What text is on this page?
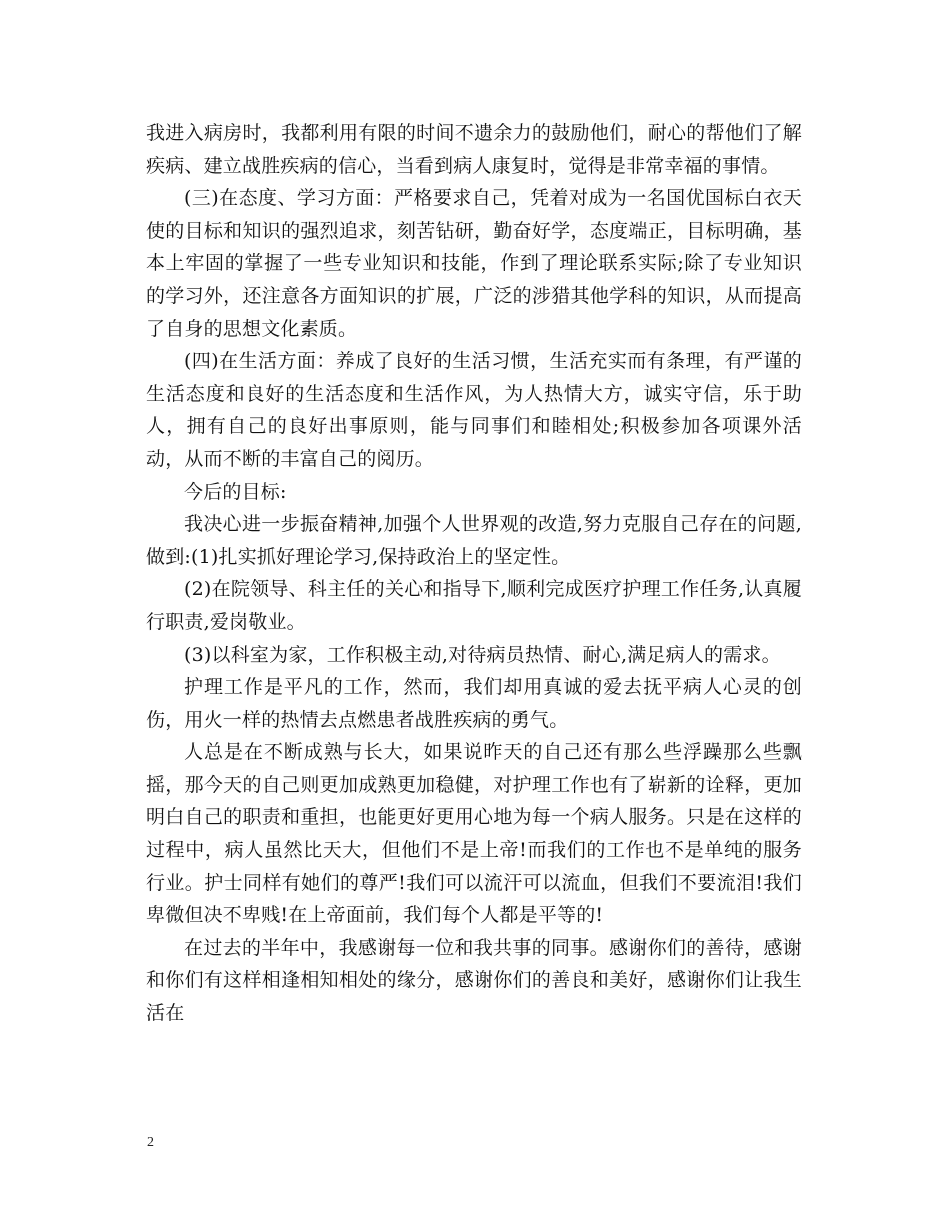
我进入病房时，我都利用有限的时间不遗余力的鼓励他们，耐心的帮他们了解疾病、建立战胜疾病的信心，当看到病人康复时，觉得是非常幸福的事情。

(三)在态度、学习方面：严格要求自己，凭着对成为一名国优国标白衣天使的目标和知识的强烈追求，刻苦钻研，勤奋好学，态度端正，目标明确，基本上牢固的掌握了一些专业知识和技能，作到了理论联系实际;除了专业知识的学习外，还注意各方面知识的扩展，广泛的涉猎其他学科的知识，从而提高了自身的思想文化素质。

(四)在生活方面：养成了良好的生活习惯，生活充实而有条理，有严谨的生活态度和良好的生活态度和生活作风，为人热情大方，诚实守信，乐于助人，拥有自己的良好出事原则，能与同事们和睦相处;积极参加各项课外活动，从而不断的丰富自己的阅历。

今后的目标:

我决心进一步振奋精神,加强个人世界观的改造,努力克服自己存在的问题,做到:(1)扎实抓好理论学习,保持政治上的坚定性。

(2)在院领导、科主任的关心和指导下,顺利完成医疗护理工作任务,认真履行职责,爱岗敬业。

(3)以科室为家，工作积极主动,对待病员热情、耐心,满足病人的需求。

护理工作是平凡的工作，然而，我们却用真诚的爱去抚平病人心灵的创伤，用火一样的热情去点燃患者战胜疾病的勇气。

人总是在不断成熟与长大，如果说昨天的自己还有那么些浮躁那么些飘摇，那今天的自己则更加成熟更加稳健，对护理工作也有了崭新的诠释，更加明白自己的职责和重担，也能更好更用心地为每一个病人服务。只是在这样的过程中，病人虽然比天大，但他们不是上帝!而我们的工作也不是单纯的服务行业。护士同样有她们的尊严!我们可以流汗可以流血，但我们不要流泪!我们卑微但决不卑贱!在上帝面前，我们每个人都是平等的!

在过去的半年中，我感谢每一位和我共事的同事。感谢你们的善待，感谢和你们有这样相逢相知相处的缘分，感谢你们的善良和美好，感谢你们让我生活在

2
